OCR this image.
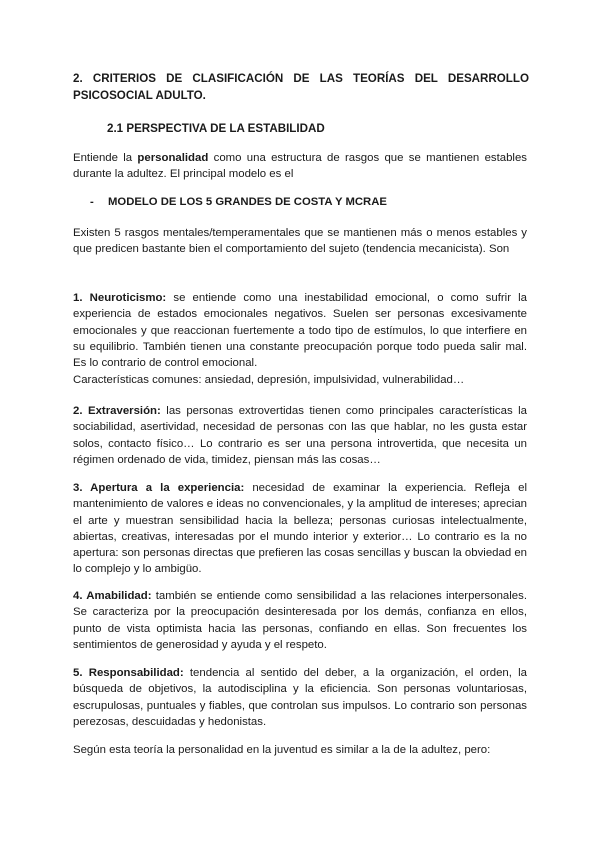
2. CRITERIOS DE CLASIFICACIÓN DE LAS TEORÍAS DEL DESARROLLO PSICOSOCIAL ADULTO.
2.1 PERSPECTIVA DE LA ESTABILIDAD
Entiende la personalidad como una estructura de rasgos que se mantienen estables durante la adultez. El principal modelo es el
- MODELO DE LOS 5 GRANDES DE COSTA Y MCRAE
Existen 5 rasgos mentales/temperamentales que se mantienen más o menos estables y que predicen bastante bien el comportamiento del sujeto (tendencia mecanicista). Son
1. Neuroticismo: se entiende como una inestabilidad emocional, o como sufrir la experiencia de estados emocionales negativos. Suelen ser personas excesivamente emocionales y que reaccionan fuertemente a todo tipo de estímulos, lo que interfiere en su equilibrio. También tienen una constante preocupación porque todo pueda salir mal. Es lo contrario de control emocional.
Características comunes: ansiedad, depresión, impulsividad, vulnerabilidad…
2. Extraversión: las personas extrovertidas tienen como principales características la sociabilidad, asertividad, necesidad de personas con las que hablar, no les gusta estar solos, contacto físico… Lo contrario es ser una persona introvertida, que necesita un régimen ordenado de vida, timidez, piensan más las cosas…
3. Apertura a la experiencia: necesidad de examinar la experiencia. Refleja el mantenimiento de valores e ideas no convencionales, y la amplitud de intereses; aprecian el arte y muestran sensibilidad hacia la belleza; personas curiosas intelectualmente, abiertas, creativas, interesadas por el mundo interior y exterior… Lo contrario es la no apertura: son personas directas que prefieren las cosas sencillas y buscan la obviedad en lo complejo y lo ambigüo.
4. Amabilidad: también se entiende como sensibilidad a las relaciones interpersonales. Se caracteriza por la preocupación desinteresada por los demás, confianza en ellos, punto de vista optimista hacia las personas, confiando en ellas. Son frecuentes los sentimientos de generosidad y ayuda y el respeto.
5. Responsabilidad: tendencia al sentido del deber, a la organización, el orden, la búsqueda de objetivos, la autodisciplina y la eficiencia. Son personas voluntariosas, escrupulosas, puntuales y fiables, que controlan sus impulsos. Lo contrario son personas perezosas, descuidadas y hedonistas.
Según esta teoría la personalidad en la juventud es similar a la de la adultez, pero:
